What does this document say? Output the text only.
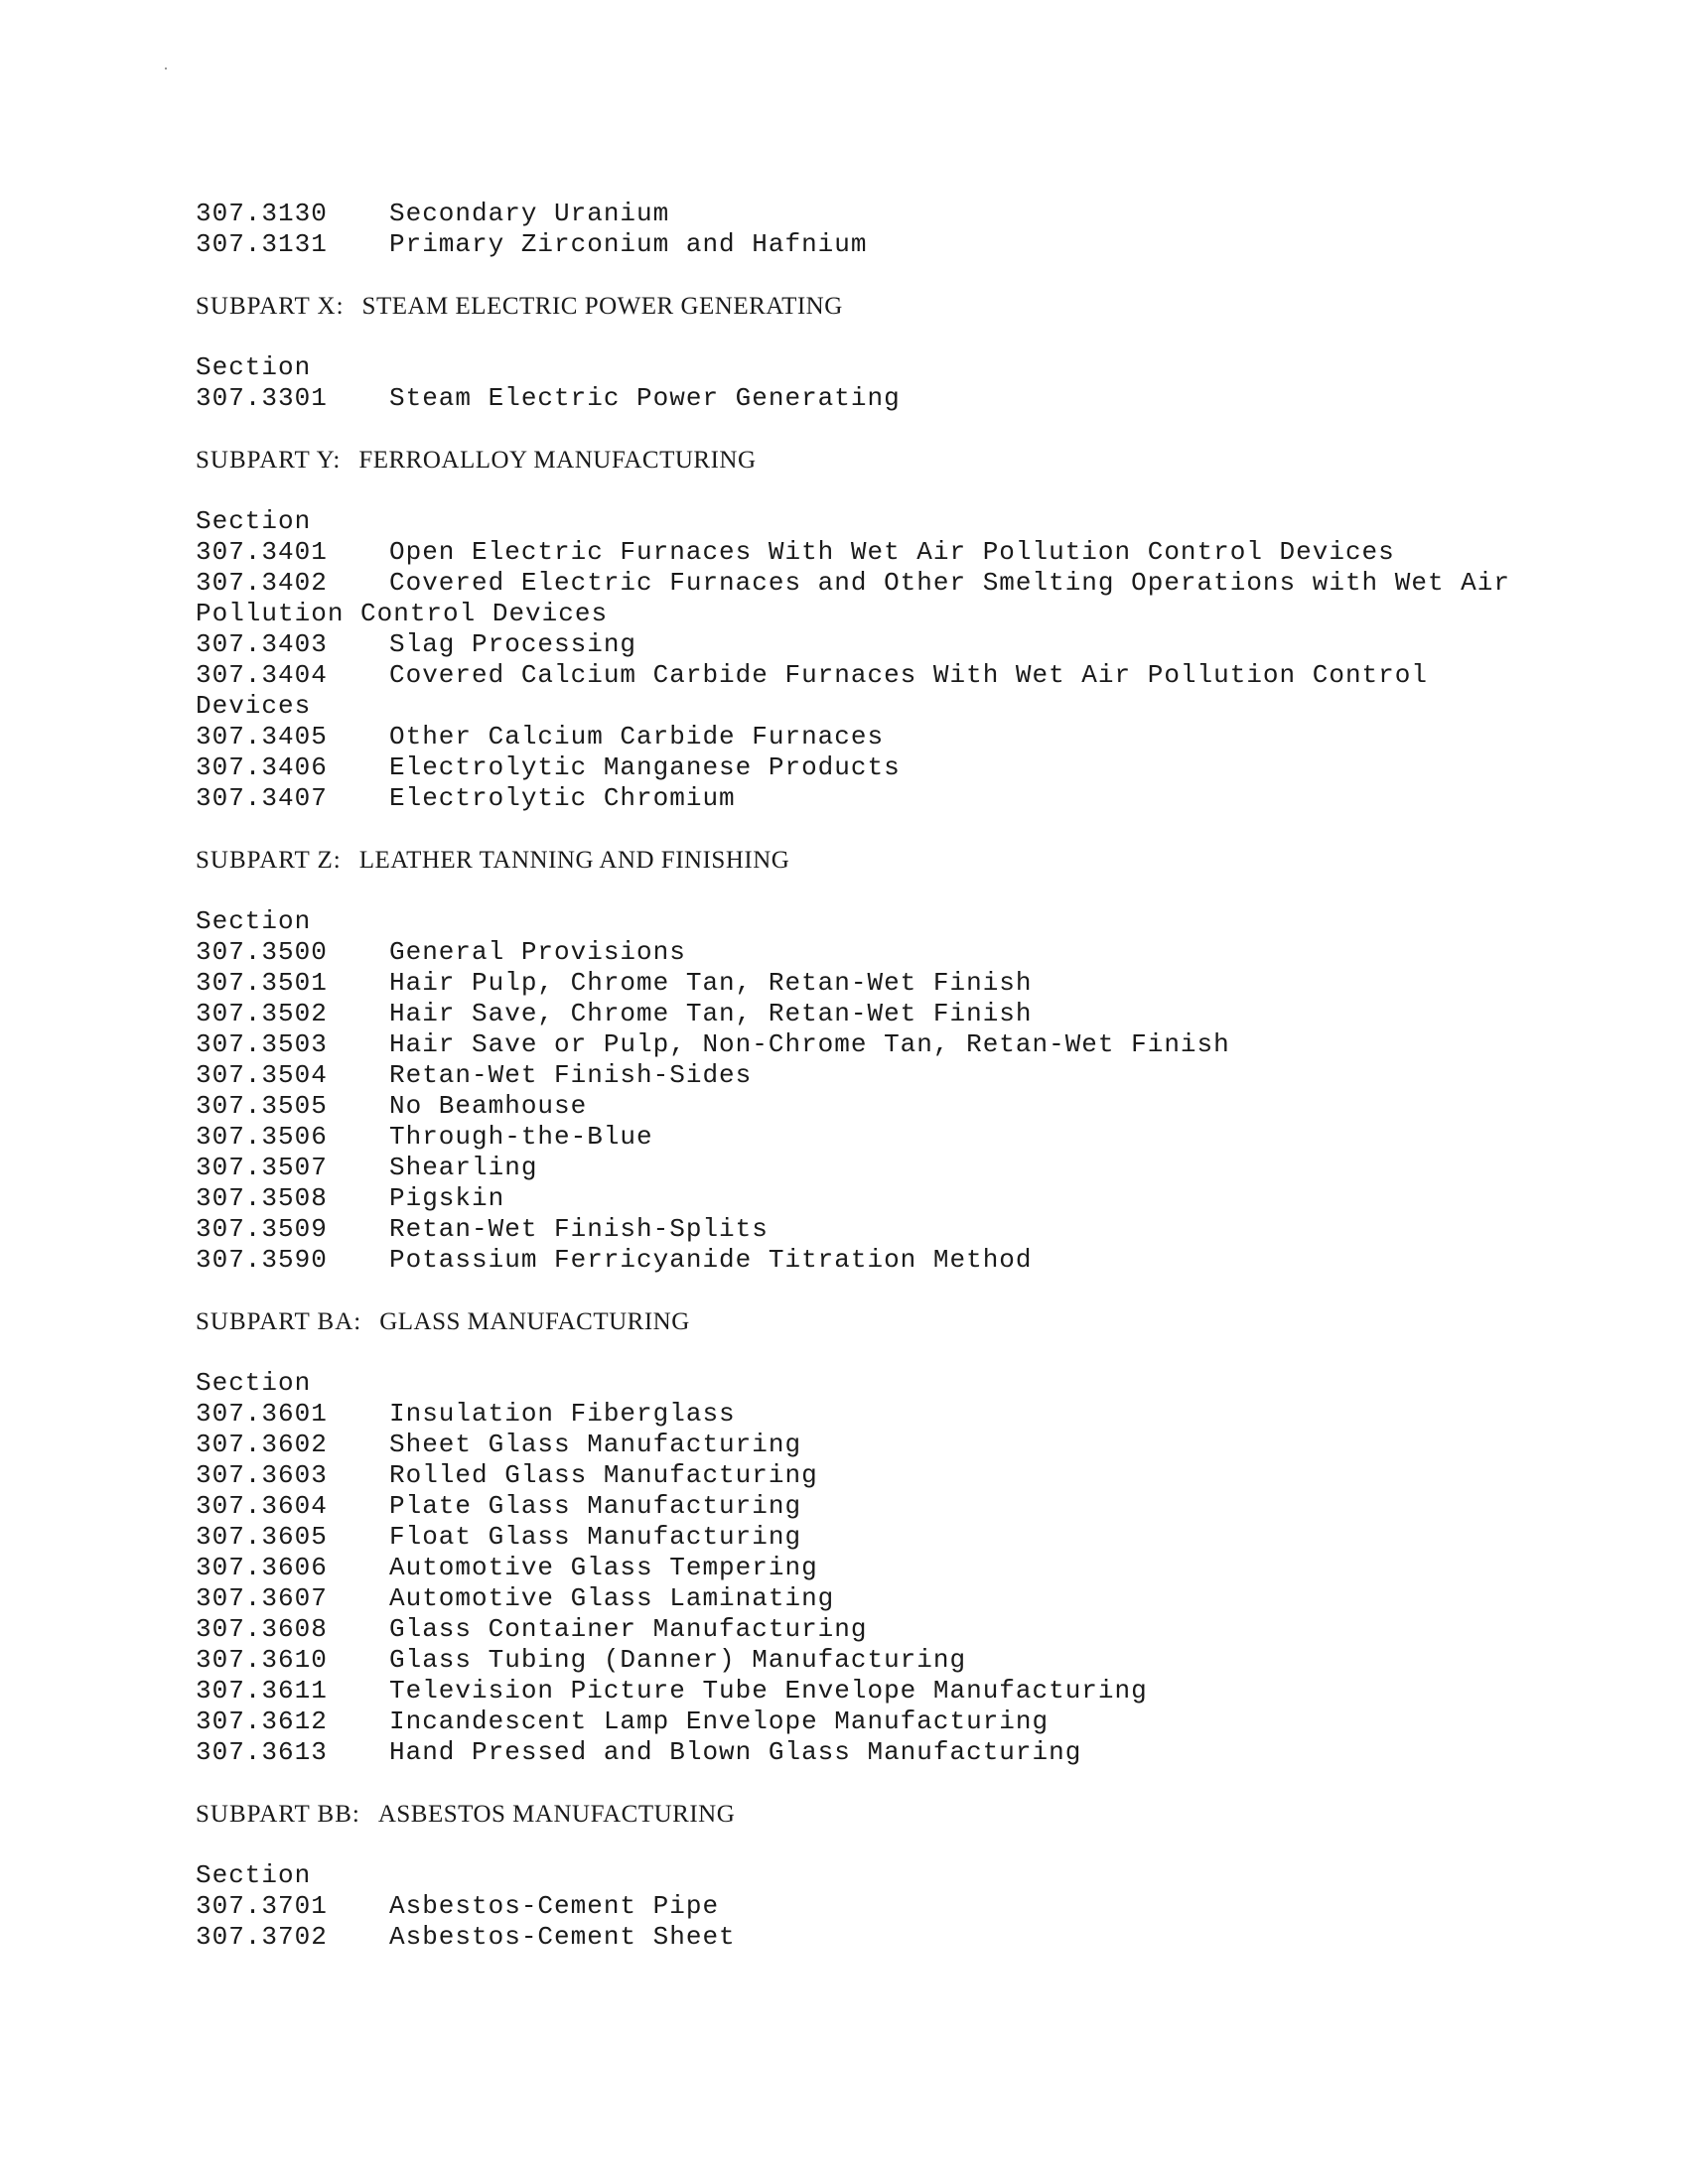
307.3130 Secondary Uranium
307.3131 Primary Zirconium and Hafnium
SUBPART X: STEAM ELECTRIC POWER GENERATING
Section
307.3301 Steam Electric Power Generating
SUBPART Y: FERROALLOY MANUFACTURING
Section
307.3401 Open Electric Furnaces With Wet Air Pollution Control Devices
307.3402 Covered Electric Furnaces and Other Smelting Operations with Wet Air
Pollution Control Devices
307.3403 Slag Processing
307.3404 Covered Calcium Carbide Furnaces With Wet Air Pollution Control
Devices
307.3405 Other Calcium Carbide Furnaces
307.3406 Electrolytic Manganese Products
307.3407 Electrolytic Chromium
SUBPART Z: LEATHER TANNING AND FINISHING
Section
307.3500 General Provisions
307.3501 Hair Pulp, Chrome Tan, Retan-Wet Finish
307.3502 Hair Save, Chrome Tan, Retan-Wet Finish
307.3503 Hair Save or Pulp, Non-Chrome Tan, Retan-Wet Finish
307.3504 Retan-Wet Finish-Sides
307.3505 No Beamhouse
307.3506 Through-the-Blue
307.3507 Shearling
307.3508 Pigskin
307.3509 Retan-Wet Finish-Splits
307.3590 Potassium Ferricyanide Titration Method
SUBPART BA: GLASS MANUFACTURING
Section
307.3601 Insulation Fiberglass
307.3602 Sheet Glass Manufacturing
307.3603 Rolled Glass Manufacturing
307.3604 Plate Glass Manufacturing
307.3605 Float Glass Manufacturing
307.3606 Automotive Glass Tempering
307.3607 Automotive Glass Laminating
307.3608 Glass Container Manufacturing
307.3610 Glass Tubing (Danner) Manufacturing
307.3611 Television Picture Tube Envelope Manufacturing
307.3612 Incandescent Lamp Envelope Manufacturing
307.3613 Hand Pressed and Blown Glass Manufacturing
SUBPART BB: ASBESTOS MANUFACTURING
Section
307.3701 Asbestos-Cement Pipe
307.3702 Asbestos-Cement Sheet
